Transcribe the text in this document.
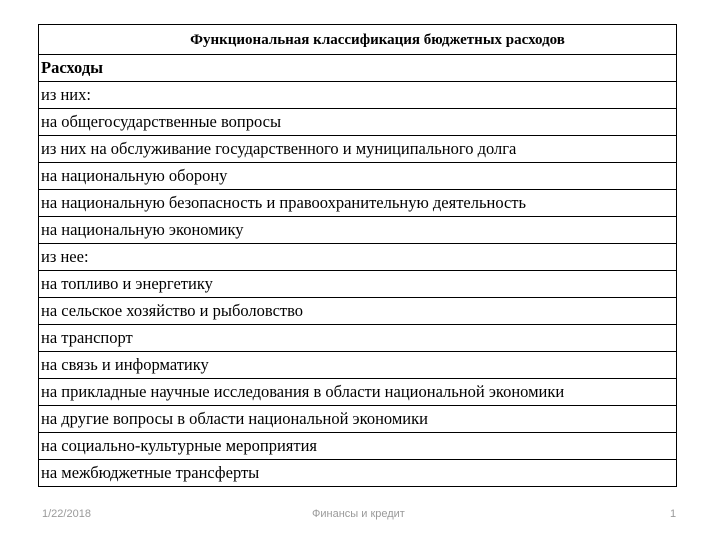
Функциональная классификация бюджетных расходов
Расходы
из них:
на общегосударственные вопросы
из них на обслуживание государственного и муниципального долга
на национальную оборону
на национальную безопасность и правоохранительную деятельность
на национальную экономику
из нее:
на топливо и энергетику
на сельское хозяйство и рыболовство
на транспорт
на связь и информатику
на прикладные научные исследования в области национальной экономики
на другие вопросы в области национальной экономики
на социально-культурные мероприятия
на межбюджетные трансферты
1/22/2018	Финансы и кредит	1
